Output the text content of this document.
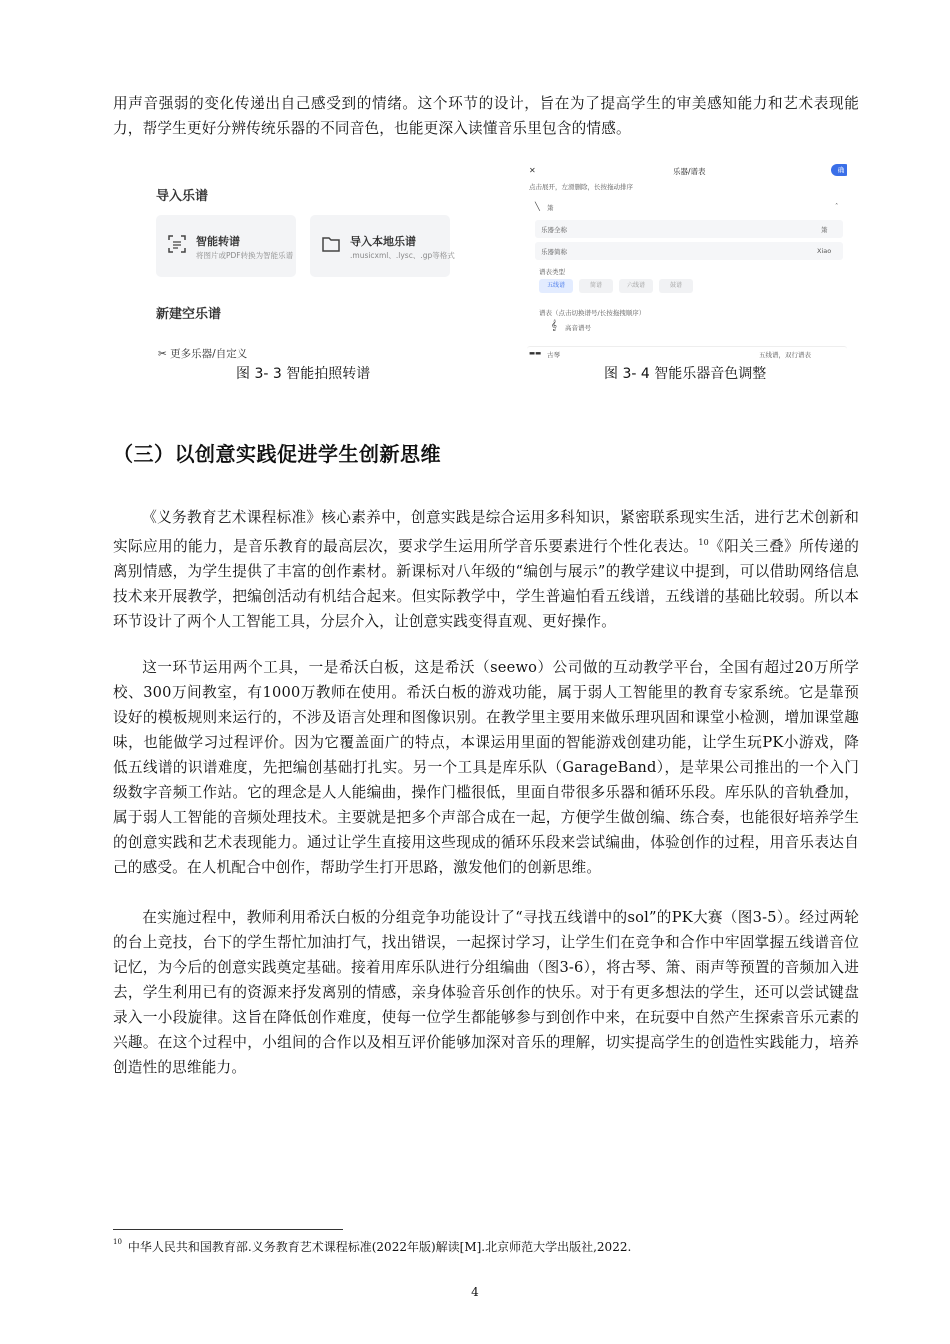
用声音强弱的变化传递出自己感受到的情绪。这个环节的设计，旨在为了提高学生的审美感知能力和艺术表现能力，帮学生更好分辨传统乐器的不同音色，也能更深入读懂音乐里包含的情感。
导入乐谱
智能转谱
将图片或PDF转换为智能乐谱
导入本地乐谱
.musicxml、.lysc、.gp等格式
新建空乐谱
✂ 更多乐器/自定义
✕	乐器/谱表	确
点击展开，左滑删除，长按拖动排序
╲ 箫	˄
乐器全称	箫
乐器简称	Xiao
谱表类型
五线谱	简谱	六线谱	鼓谱
谱表（点击切换谱号/长按拖拽顺序）
𝄞 高音谱号
▬▬ 古琴	五线谱，双行谱表
图 3- 3 智能拍照转谱	图 3- 4 智能乐器音色调整
（三）以创意实践促进学生创新思维
《义务教育艺术课程标准》核心素养中，创意实践是综合运用多科知识，紧密联系现实生活，进行艺术创新和实际应用的能力，是音乐教育的最高层次，要求学生运用所学音乐要素进行个性化表达。$^{10}$《阳关三叠》所传递的离别情感，为学生提供了丰富的创作素材。新课标对八年级的“编创与展示”的教学建议中提到，可以借助网络信息技术来开展教学，把编创活动有机结合起来。但实际教学中，学生普遍怕看五线谱，五线谱的基础比较弱。所以本环节设计了两个人工智能工具，分层介入，让创意实践变得直观、更好操作。
这一环节运用两个工具，一是希沃白板，这是希沃（seewo）公司做的互动教学平台，全国有超过20万所学校、300万间教室，有1000万教师在使用。希沃白板的游戏功能，属于弱人工智能里的教育专家系统。它是靠预设好的模板规则来运行的，不涉及语言处理和图像识别。在教学里主要用来做乐理巩固和课堂小检测，增加课堂趣味，也能做学习过程评价。因为它覆盖面广的特点，本课运用里面的智能游戏创建功能，让学生玩PK小游戏，降低五线谱的识谱难度，先把编创基础打扎实。另一个工具是库乐队（GarageBand），是苹果公司推出的一个入门级数字音频工作站。它的理念是人人能编曲，操作门槛很低，里面自带很多乐器和循环乐段。库乐队的音轨叠加，属于弱人工智能的音频处理技术。主要就是把多个声部合成在一起，方便学生做创编、练合奏，也能很好培养学生的创意实践和艺术表现能力。通过让学生直接用这些现成的循环乐段来尝试编曲，体验创作的过程，用音乐表达自己的感受。在人机配合中创作，帮助学生打开思路，激发他们的创新思维。
在实施过程中，教师利用希沃白板的分组竞争功能设计了“寻找五线谱中的sol”的PK大赛（图3-5）。经过两轮的台上竞技，台下的学生帮忙加油打气，找出错误，一起探讨学习，让学生们在竞争和合作中牢固掌握五线谱音位记忆，为今后的创意实践奠定基础。接着用库乐队进行分组编曲（图3-6），将古琴、箫、雨声等预置的音频加入进去，学生利用已有的资源来抒发离别的情感，亲身体验音乐创作的快乐。对于有更多想法的学生，还可以尝试键盘录入一小段旋律。这旨在降低创作难度，使每一位学生都能够参与到创作中来，在玩耍中自然产生探索音乐元素的兴趣。在这个过程中，小组间的合作以及相互评价能够加深对音乐的理解，切实提高学生的创造性实践能力，培养创造性的思维能力。
$^{10}$ 中华人民共和国教育部.义务教育艺术课程标准(2022年版)解读[M].北京师范大学出版社,2022.
4
